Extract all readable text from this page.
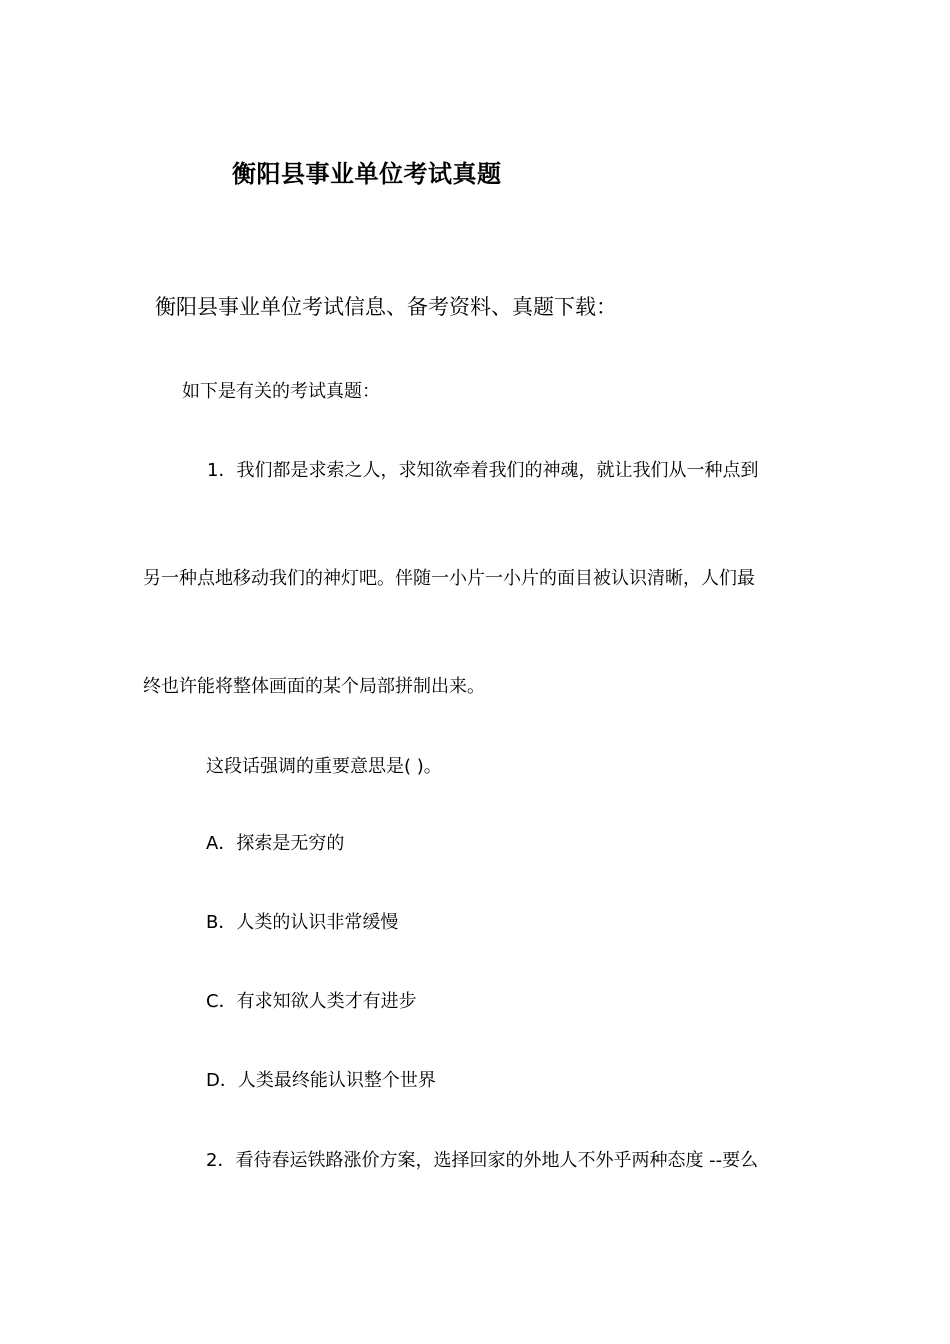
衡阳县事业单位考试真题
衡阳县事业单位考试信息、备考资料、真题下载：
如下是有关的考试真题：
1．我们都是求索之人，求知欲牵着我们的神魂，就让我们从一种点到
另一种点地移动我们的神灯吧。伴随一小片一小片的面目被认识清晰，人们最
终也许能将整体画面的某个局部拼制出来。
这段话强调的重要意思是( )。
A．探索是无穷的
B．人类的认识非常缓慢
C．有求知欲人类才有进步
D．人类最终能认识整个世界
2．看待春运铁路涨价方案，选择回家的外地人不外乎两种态度 --要么
